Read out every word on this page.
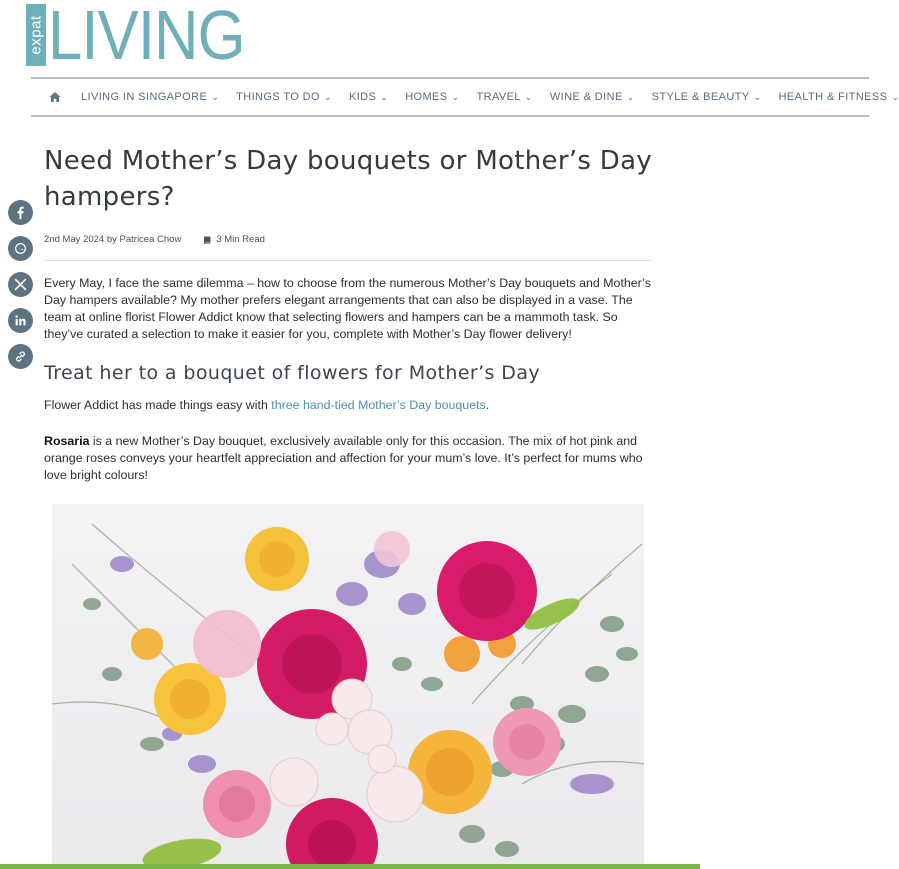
expat LIVING
LIVING IN SINGAPORE ⌄ THINGS TO DO ⌄ KIDS ⌄ HOMES ⌄ TRAVEL ⌄ WINE & DINE ⌄ STYLE & BEAUTY ⌄ HEALTH & FITNESS ⌄
Need Mother’s Day bouquets or Mother’s Day hampers?
2nd May 2024 by Patricea Chow	3 Min Read

Every May, I face the same dilemma – how to choose from the numerous Mother’s Day bouquets and Mother’s Day hampers available? My mother prefers elegant arrangements that can also be displayed in a vase. The team at online florist Flower Addict know that selecting flowers and hampers can be a mammoth task. So they’ve curated a selection to make it easier for you, complete with Mother’s Day flower delivery!

Treat her to a bouquet of flowers for Mother’s Day

Flower Addict has made things easy with three hand-tied Mother’s Day bouquets.

Rosaria is a new Mother’s Day bouquet, exclusively available only for this occasion. The mix of hot pink and orange roses conveys your heartfelt appreciation and affection for your mum’s love. It’s perfect for mums who love bright colours!
